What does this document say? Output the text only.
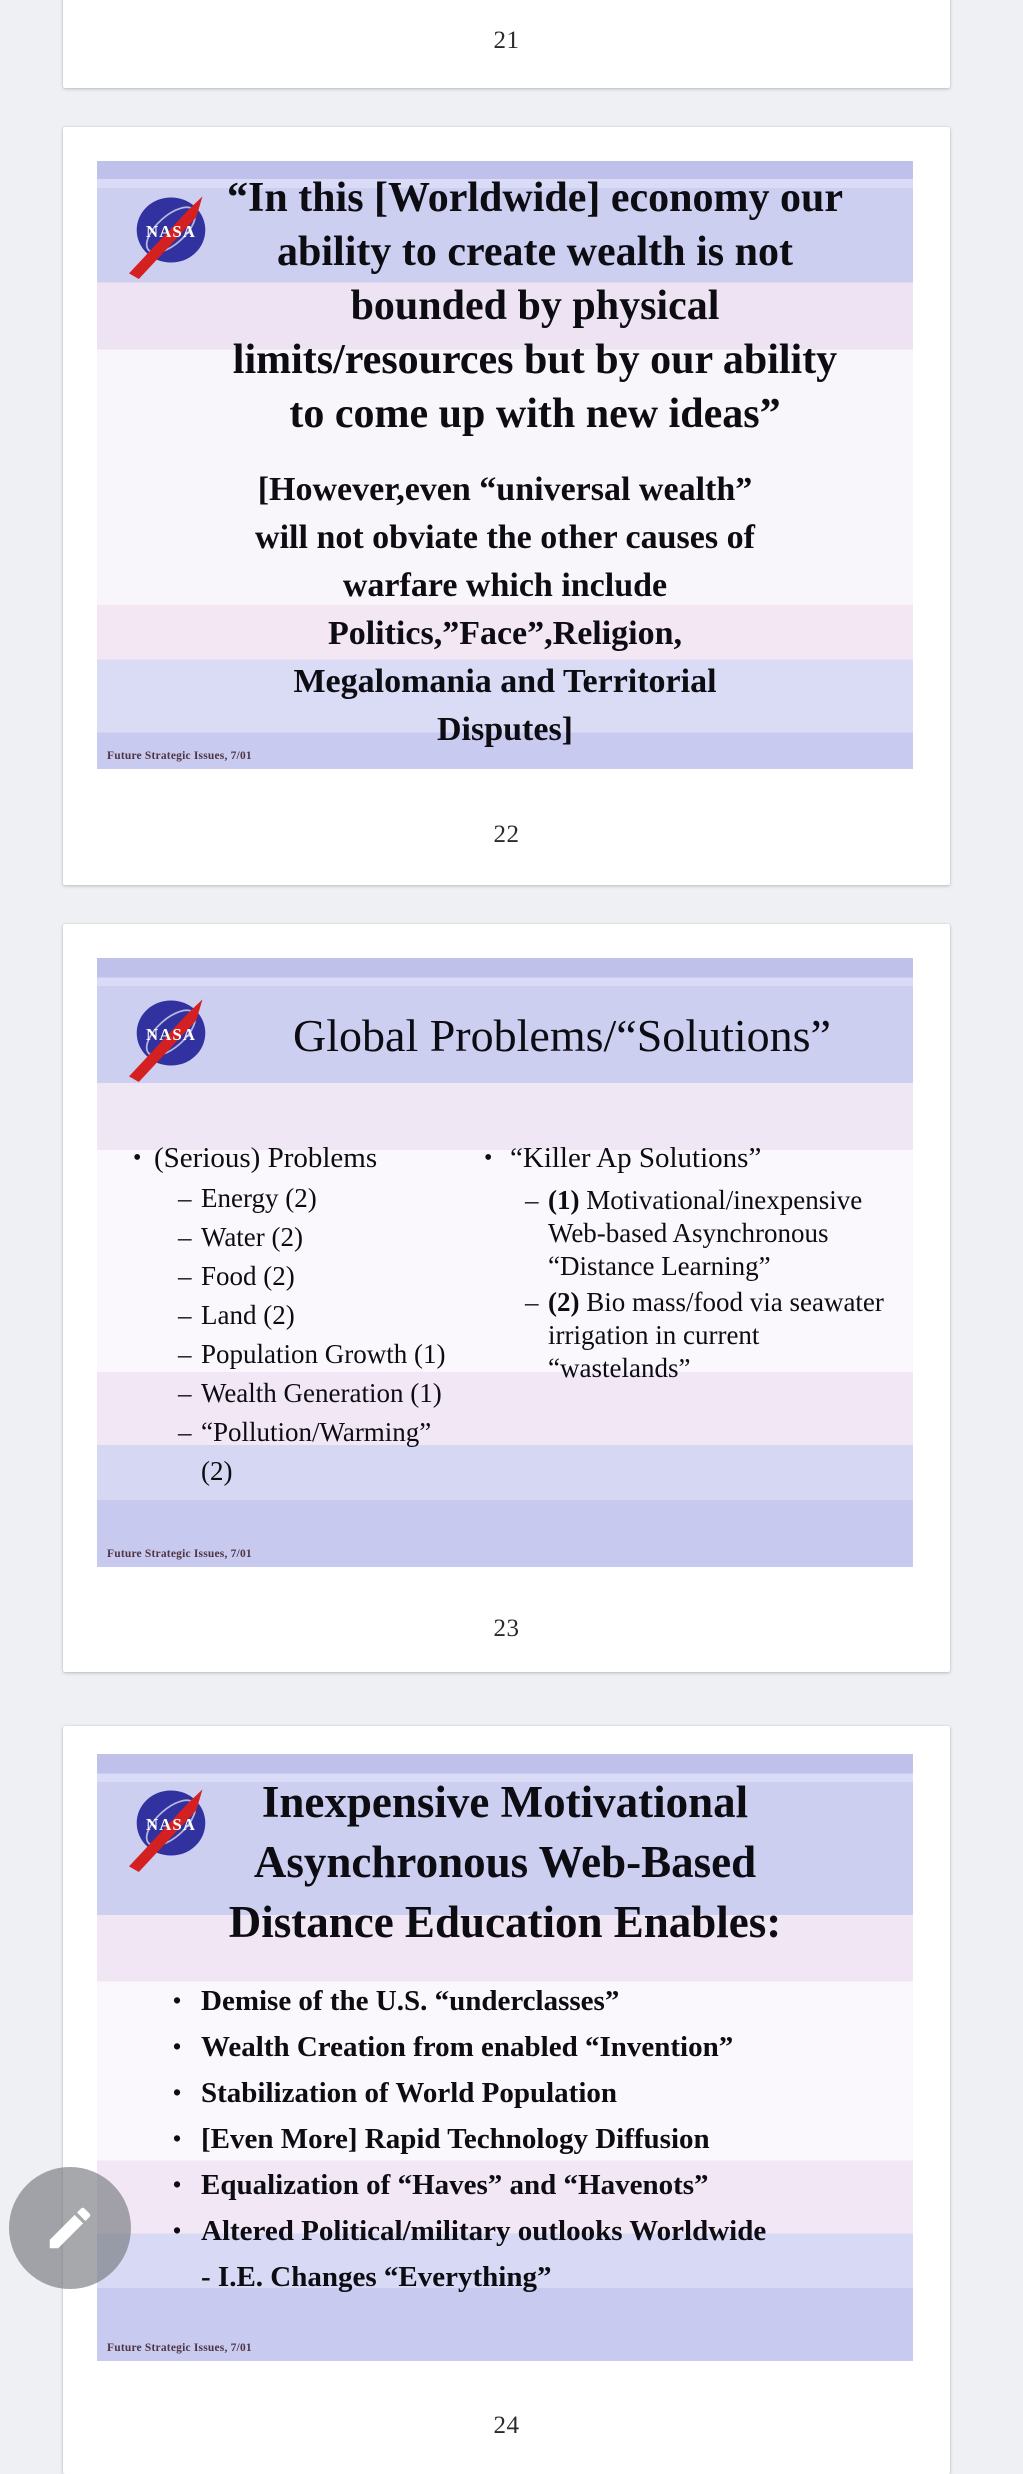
21
NASA
“In this [Worldwide] economy our
ability to create wealth is not
bounded by physical
limits/resources but by our ability
to come up with new ideas”
[However,even “universal wealth”
will not obviate the other causes of
warfare which include
Politics,”Face”,Religion,
Megalomania and Territorial
Disputes]
Future Strategic Issues, 7/01
22
NASA	Global Problems/“Solutions”
• (Serious) Problems
– Energy (2)
– Water (2)
– Food (2)
– Land (2)
– Population Growth (1)
– Wealth Generation (1)
– “Pollution/Warming” (2)
• “Killer Ap Solutions”
– (1) Motivational/inexpensive
Web-based Asynchronous
“Distance Learning”
– (2) Bio mass/food via seawater
irrigation in current
“wastelands”
Future Strategic Issues, 7/01
23
NASA	Inexpensive Motivational
Asynchronous Web-Based
Distance Education Enables:
• Demise of the U.S. “underclasses”
• Wealth Creation from enabled “Invention”
• Stabilization of World Population
• [Even More] Rapid Technology Diffusion
• Equalization of “Haves” and “Havenots”
• Altered Political/military outlooks Worldwide
- I.E. Changes “Everything”
Future Strategic Issues, 7/01
24
